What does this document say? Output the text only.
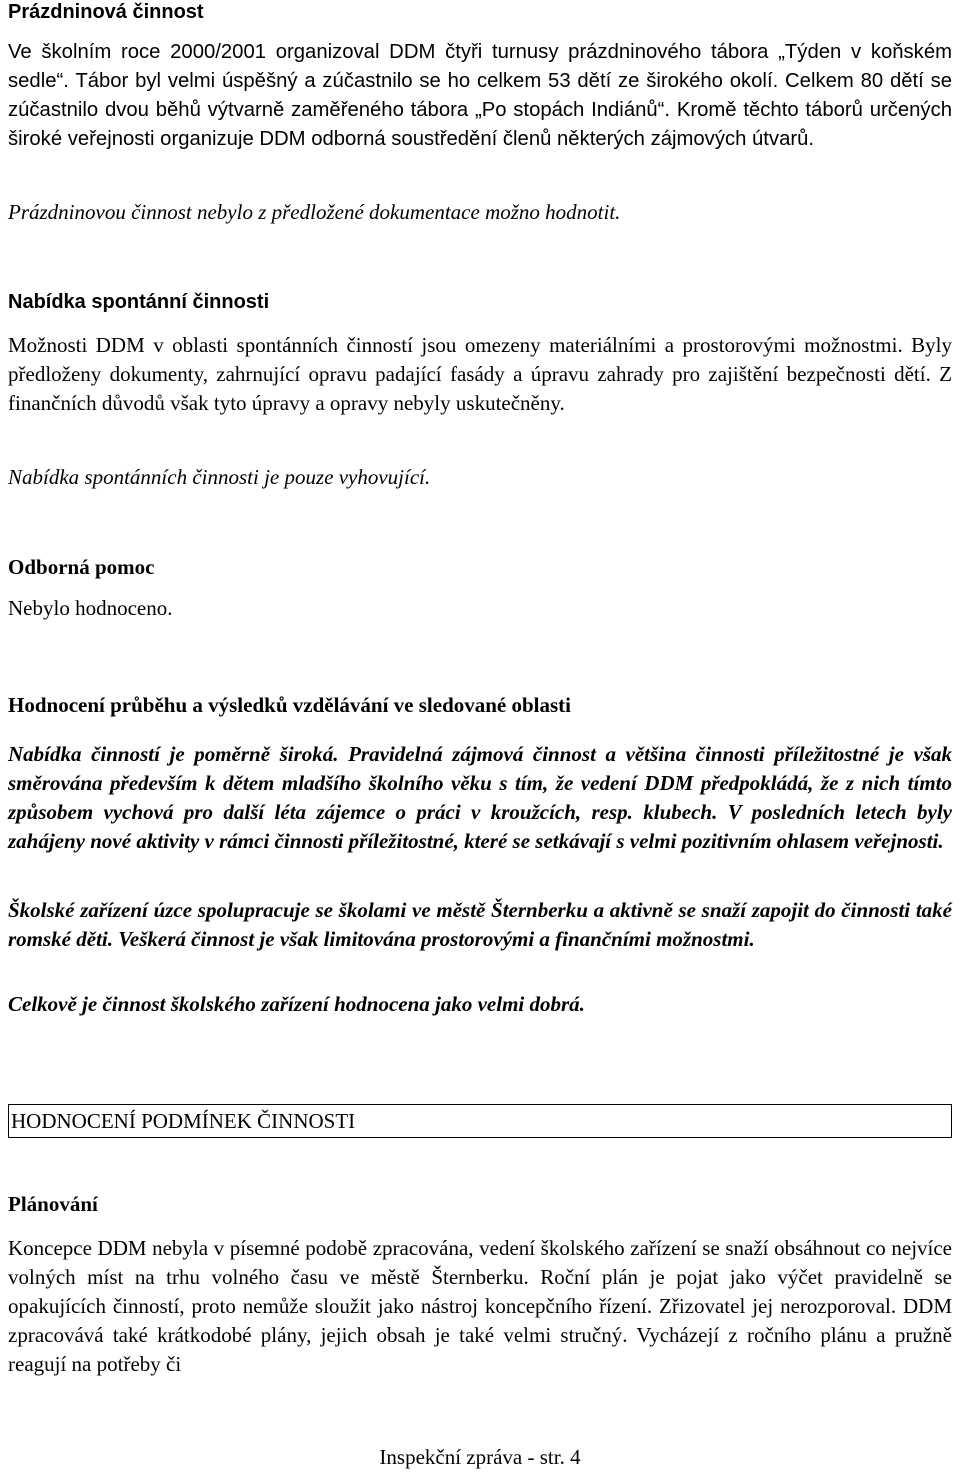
Prázdninová činnost

Ve školním roce 2000/2001 organizoval DDM čtyři turnusy prázdninového tábora „Týden v koňském sedle“. Tábor byl velmi úspěšný a zúčastnilo se ho celkem 53 dětí ze širokého okolí. Celkem 80 dětí se zúčastnilo dvou běhů výtvarně zaměřeného tábora „Po stopách Indiánů“. Kromě těchto táborů určených široké veřejnosti organizuje DDM odborná soustředění členů některých zájmových útvarů.

Prázdninovou činnost nebylo z předložené dokumentace možno hodnotit.
Nabídka spontánní činnosti

Možnosti DDM v oblasti spontánních činností jsou omezeny materiálními a prostorovými možnostmi. Byly předloženy dokumenty, zahrnující opravu padající fasády a úpravu zahrady pro zajištění bezpečnosti dětí. Z finančních důvodů však tyto úpravy a opravy nebyly uskutečněny.

Nabídka spontánních činnosti je pouze vyhovující.
Odborná pomoc
Nebylo hodnoceno.
Hodnocení průběhu a výsledků vzdělávání ve sledované oblasti

Nabídka činností je poměrně široká. Pravidelná zájmová činnost a většina činnosti příležitostné je však směrována především k dětem mladšího školního věku s tím, že vedení DDM předpokládá, že z nich tímto způsobem vychová pro další léta zájemce o práci v kroužcích, resp. klubech. V posledních letech byly zahájeny nové aktivity v rámci činnosti příležitostné, které se setkávají s velmi pozitivním ohlasem veřejnosti.

Školské zařízení úzce spolupracuje se školami ve městě Šternberku a aktivně se snaží zapojit do činnosti také romské děti. Veškerá činnost je však limitována prostorovými a finančními možnostmi.

Celkově je činnost školského zařízení hodnocena jako velmi dobrá.
HODNOCENÍ PODMÍNEK ČINNOSTI
Plánování

Koncepce DDM nebyla v písemné podobě zpracována, vedení školského zařízení se snaží obsáhnout co nejvíce volných míst na trhu volného času ve městě Šternberku. Roční plán je pojat jako výčet pravidelně se opakujících činností, proto nemůže sloužit jako nástroj koncepčního řízení. Zřizovatel jej nerozporoval. DDM zpracovává také krátkodobé plány, jejich obsah je také velmi stručný. Vycházejí z ročního plánu a pružně reagují na potřeby či

Inspekční zpráva - str. 4
